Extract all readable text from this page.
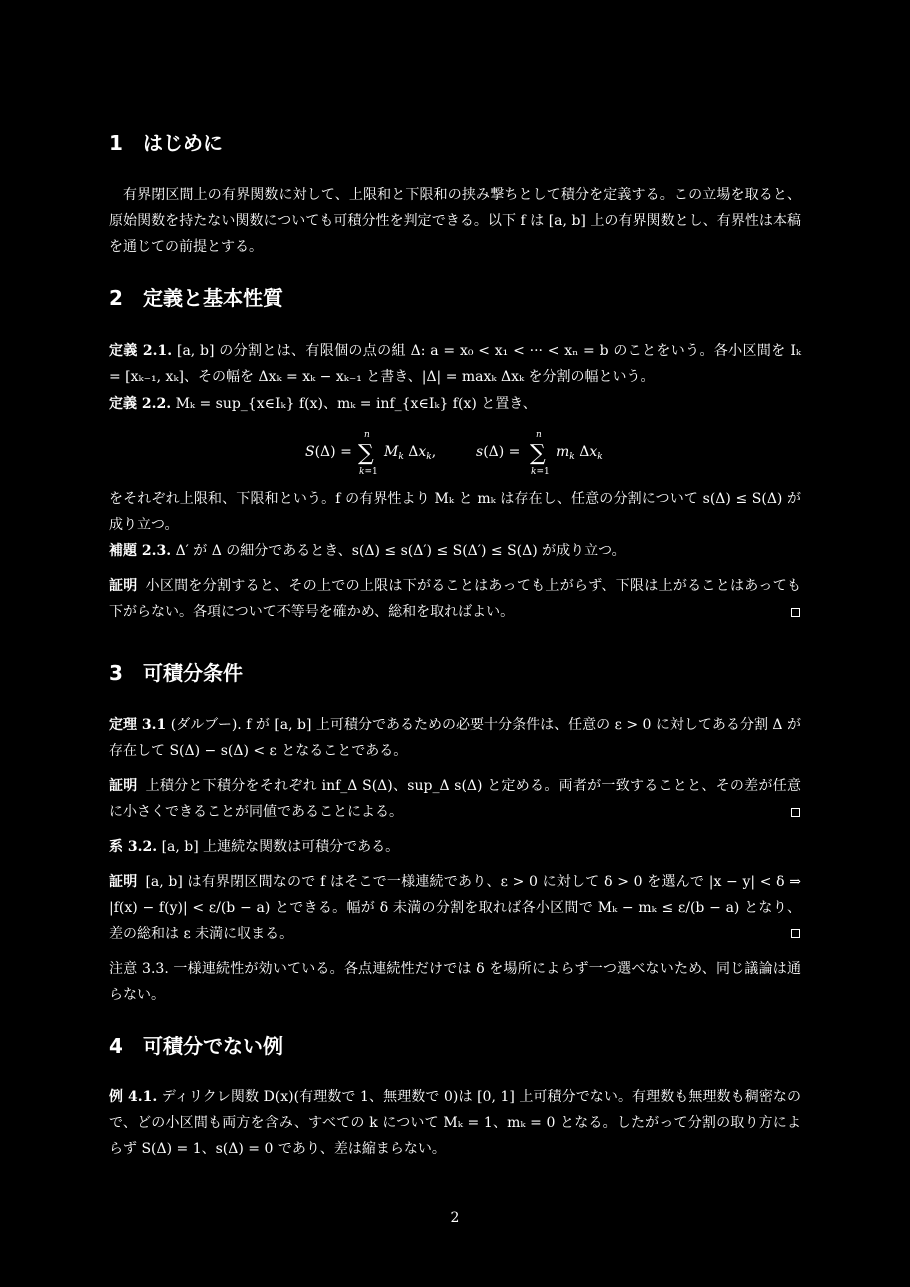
1 はじめに

有界閉区間上の有界関数に対して、上限和と下限和の挟み撃ちとして積分を定義する。この立場を取ると、原始関数を持たない関数についても可積分性を判定できる。以下 f は [a, b] 上の有界関数とし、有界性は本稿を通じての前提とする。

2 定義と基本性質

定義 2.1. [a, b] の分割とは、有限個の点の組 Δ: a = x₀ < x₁ < ··· < xₙ = b のことをいう。各小区間を Iₖ = [xₖ₋₁, xₖ]、その幅を Δxₖ = xₖ − xₖ₋₁ と書き、|Δ| = maxₖ Δxₖ を分割の幅という。

定義 2.2. Mₖ = sup_{x∈Iₖ} f(x)、mₖ = inf_{x∈Iₖ} f(x) と置き、

S(Δ) =
n
∑
k=1
$M_k$ $\Delta x_k$,	s(Δ) =
n
∑
k=1
$m_k$ $\Delta x_k$

をそれぞれ上限和、下限和という。f の有界性より Mₖ と mₖ は存在し、任意の分割について s(Δ) ≤ S(Δ) が成り立つ。

補題 2.3. Δ′ が Δ の細分であるとき、s(Δ) ≤ s(Δ′) ≤ S(Δ′) ≤ S(Δ) が成り立つ。

証明 小区間を分割すると、その上での上限は下がることはあっても上がらず、下限は上がることはあっても下がらない。各項について不等号を確かめ、総和を取ればよい。

3 可積分条件

定理 3.1 (ダルブー). f が [a, b] 上可積分であるための必要十分条件は、任意の ε > 0 に対してある分割 Δ が存在して S(Δ) − s(Δ) < ε となることである。

証明 上積分と下積分をそれぞれ inf_Δ S(Δ)、sup_Δ s(Δ) と定める。両者が一致することと、その差が任意に小さくできることが同値であることによる。

系 3.2. [a, b] 上連続な関数は可積分である。

証明 [a, b] は有界閉区間なので f はそこで一様連続であり、ε > 0 に対して δ > 0 を選んで |x − y| < δ ⇒ |f(x) − f(y)| < ε/(b − a) とできる。幅が δ 未満の分割を取れば各小区間で Mₖ − mₖ ≤ ε/(b − a) となり、差の総和は ε 未満に収まる。

注意 3.3. 一様連続性が効いている。各点連続性だけでは δ を場所によらず一つ選べないため、同じ議論は通らない。

4 可積分でない例

例 4.1. ディリクレ関数 D(x)(有理数で 1、無理数で 0)は [0, 1] 上可積分でない。有理数も無理数も稠密なので、どの小区間も両方を含み、すべての k について Mₖ = 1、mₖ = 0 となる。したがって分割の取り方によらず S(Δ) = 1、s(Δ) = 0 であり、差は縮まらない。

2
